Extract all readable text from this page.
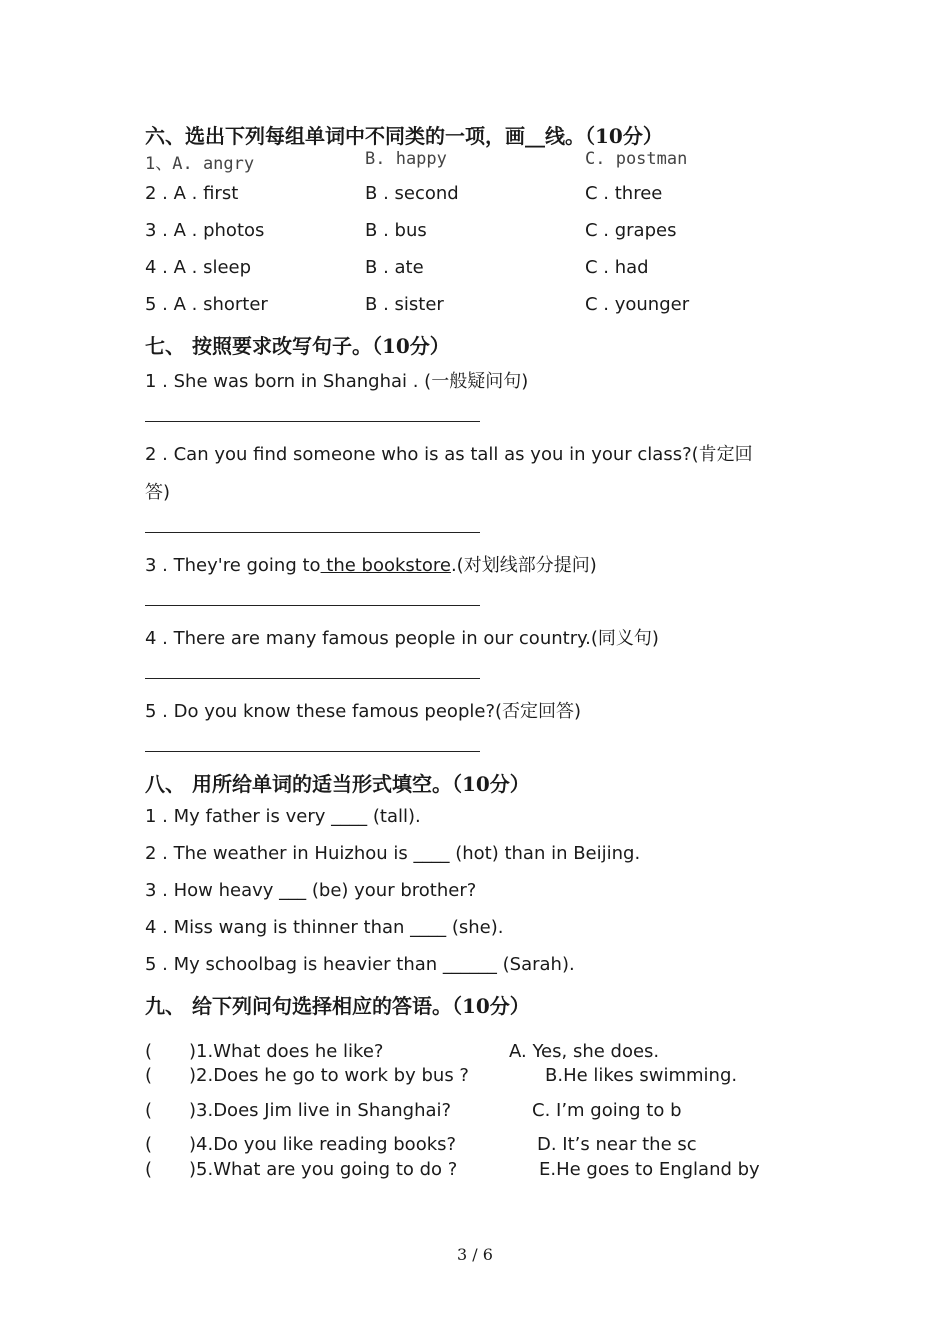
六、选出下列每组单词中不同类的一项，画__线。（10分）
1、A. angry	B. happy	C. postman
2 . A . first	B . second	C . three
3 . A . photos	B . bus	C . grapes
4 . A . sleep	B . ate	C . had
5 . A . shorter	B . sister	C . younger
七、 按照要求改写句子。（10分）
1 . She was born in Shanghai . (一般疑问句)
2 . Can you find someone who is as tall as you in your class?(肯定回
答)
3 . They're going to the bookstore.(对划线部分提问)
4 . There are many famous people in our country.(同义句)
5 . Do you know these famous people?(否定回答)
八、 用所给单词的适当形式填空。（10分）
1 . My father is very ____ (tall).
2 . The weather in Huizhou is ____ (hot) than in Beijing.
3 . How heavy ___ (be) your brother?
4 . Miss wang is thinner than ____ (she).
5 . My schoolbag is heavier than ______ (Sarah).
九、 给下列问句选择相应的答语。（10分）
( )1.What does he like?	A. Yes, she does.
( )2.Does he go to work by bus ?	B.He likes swimming.
( )3.Does Jim live in Shanghai?	C. I’m going to b
( )4.Do you like reading books?	D. It’s near the sc
( )5.What are you going to do ?	E.He goes to England by
3 / 6
